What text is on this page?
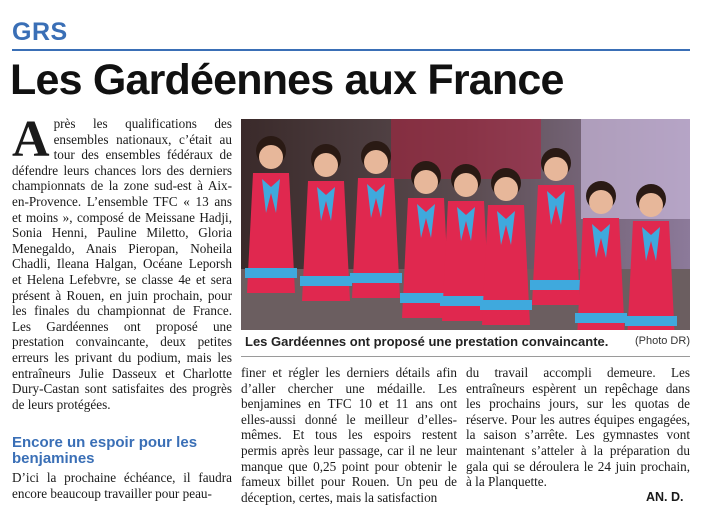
GRS
Les Gardéennes aux France
A près les qualifications des ensembles nationaux, c’était au tour des ensembles fédéraux de défendre leurs chances lors des derniers championnats de la zone sud-est à Aix-en-Provence. L’ensemble TFC « 13 ans et moins », composé de Meissane Hadji, Sonia Henni, Pauline Miletto, Gloria Menegaldo, Anais Pieropan, Noheila Chadli, Ileana Halgan, Océane Leporsh et Helena Lefebvre, se classe 4e et sera présent à Rouen, en juin prochain, pour les finales du championnat de France. Les Gardéennes ont proposé une prestation convaincante, deux petites erreurs les privant du podium, mais les entraîneurs Julie Dasseux et Charlotte Dury-Castan sont satisfaites des progrès de leurs protégées.
Encore un espoir pour les benjamines
D’ici la prochaine échéance, il faudra encore beaucoup travailler pour peau-
Les Gardéennes ont proposé une prestation convaincante. (Photo DR)
finer et régler les derniers détails afin d’aller chercher une médaille. Les benjamines en TFC 10 et 11 ans ont elles-aussi donné le meilleur d’elles-mêmes. Et tous les espoirs restent permis après leur passage, car il ne leur manque que 0,25 point pour obtenir le fameux billet pour Rouen. Un peu de déception, certes, mais la satisfaction
du travail accompli demeure. Les entraîneurs espèrent un repêchage dans les prochains jours, sur les quotas de réserve. Pour les autres équipes engagées, la saison s’arrête. Les gymnastes vont maintenant s’atteler à la préparation du gala qui se déroulera le 24 juin prochain, à la Planquette.
AN. D.
